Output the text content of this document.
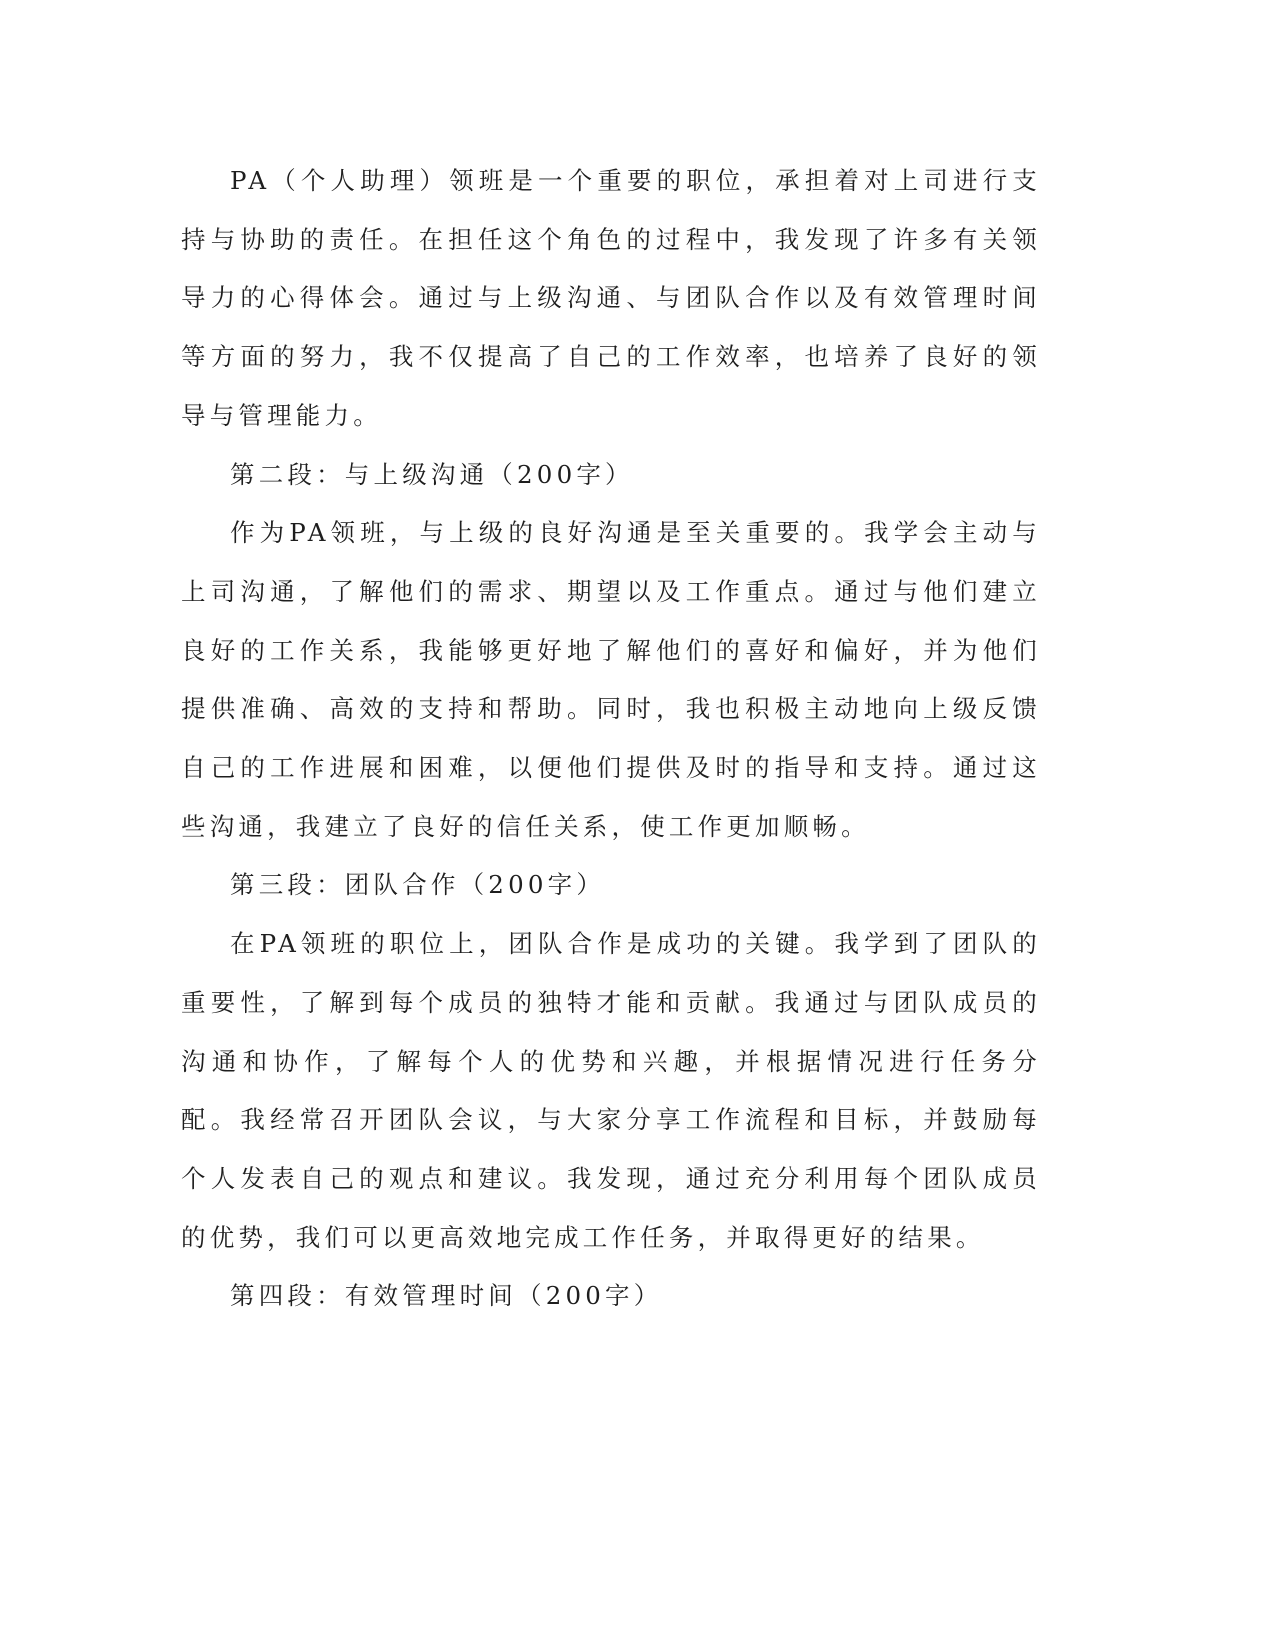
PA（个人助理）领班是一个重要的职位，承担着对上司进行支持与协助的责任。在担任这个角色的过程中，我发现了许多有关领导力的心得体会。通过与上级沟通、与团队合作以及有效管理时间等方面的努力，我不仅提高了自己的工作效率，也培养了良好的领导与管理能力。

第二段：与上级沟通（200字）

作为PA领班，与上级的良好沟通是至关重要的。我学会主动与上司沟通，了解他们的需求、期望以及工作重点。通过与他们建立良好的工作关系，我能够更好地了解他们的喜好和偏好，并为他们提供准确、高效的支持和帮助。同时，我也积极主动地向上级反馈自己的工作进展和困难，以便他们提供及时的指导和支持。通过这些沟通，我建立了良好的信任关系，使工作更加顺畅。

第三段：团队合作（200字）

在PA领班的职位上，团队合作是成功的关键。我学到了团队的重要性，了解到每个成员的独特才能和贡献。我通过与团队成员的沟通和协作，了解每个人的优势和兴趣，并根据情况进行任务分配。我经常召开团队会议，与大家分享工作流程和目标，并鼓励每个人发表自己的观点和建议。我发现，通过充分利用每个团队成员的优势，我们可以更高效地完成工作任务，并取得更好的结果。

第四段：有效管理时间（200字）
